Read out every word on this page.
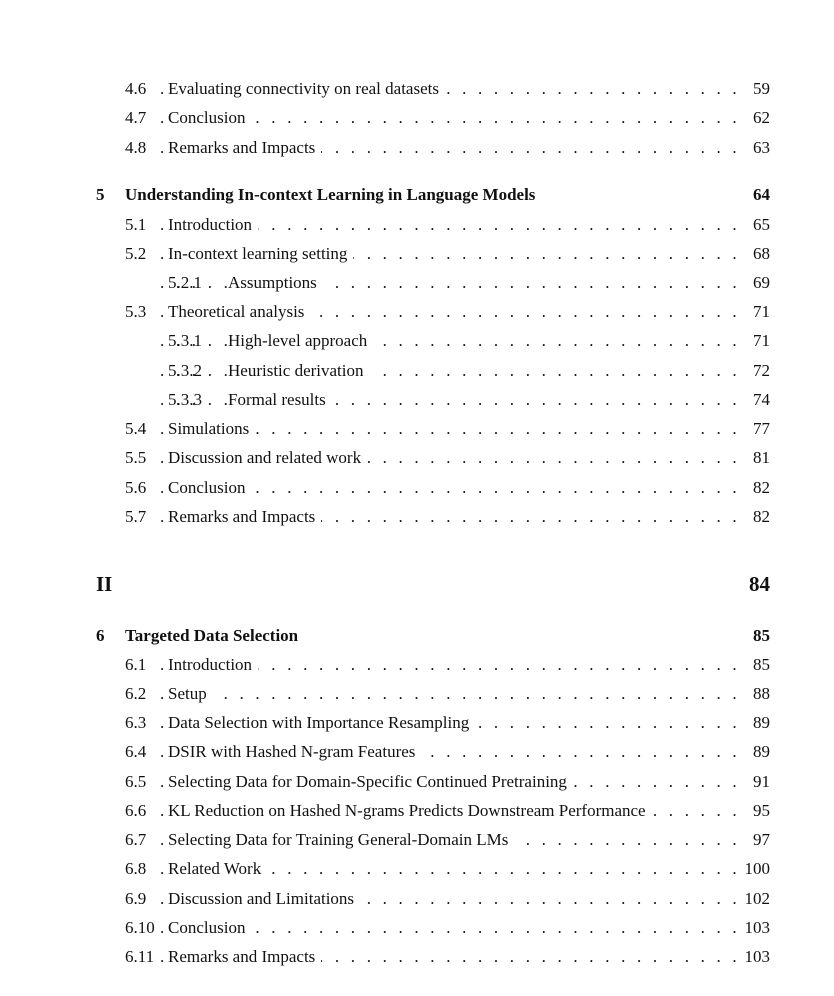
4.6 Evaluating connectivity on real datasets . . .	59
4.7 Conclusion . . .	62
4.8 Remarks and Impacts . . .	63
5 Understanding In-context Learning in Language Models	64
5.1 Introduction . . .	65
5.2 In-context learning setting . . .	68
5.2.1 Assumptions . . .	69
5.3 Theoretical analysis . . .	71
5.3.1 High-level approach . . .	71
5.3.2 Heuristic derivation . . .	72
5.3.3 Formal results . . .	74
5.4 Simulations . . .	77
5.5 Discussion and related work . . .	81
5.6 Conclusion . . .	82
5.7 Remarks and Impacts . . .	82
II	84
6 Targeted Data Selection	85
6.1 Introduction . . .	85
6.2 Setup . . .	88
6.3 Data Selection with Importance Resampling . . .	89
6.4 DSIR with Hashed N-gram Features . . .	89
6.5 Selecting Data for Domain-Specific Continued Pretraining . . .	91
6.6 KL Reduction on Hashed N-grams Predicts Downstream Performance . . .	95
6.7 Selecting Data for Training General-Domain LMs . . .	97
6.8 Related Work . . .	100
6.9 Discussion and Limitations . . .	102
6.10 Conclusion . . .	103
6.11 Remarks and Impacts . . .	103
